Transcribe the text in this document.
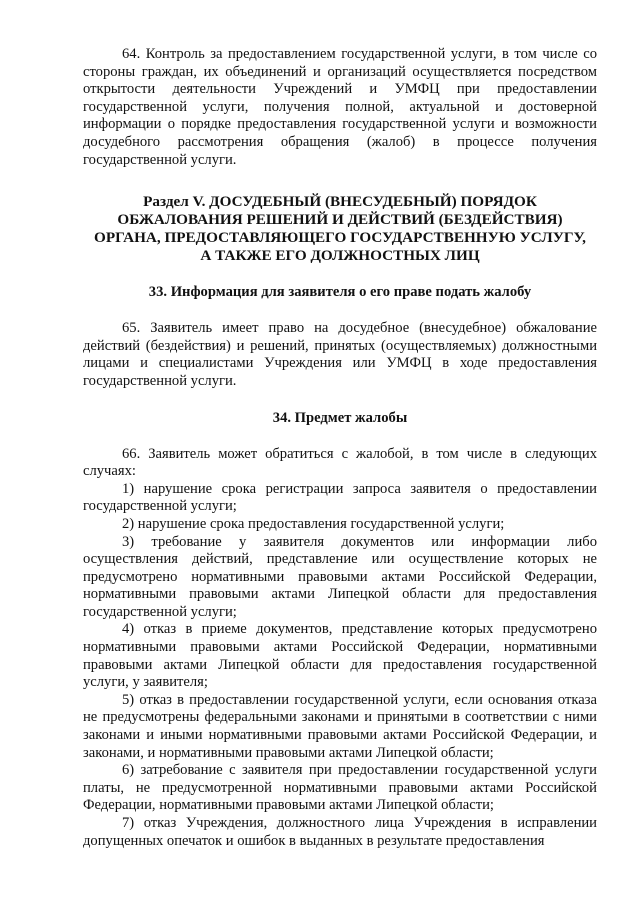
64. Контроль за предоставлением государственной услуги, в том числе со стороны граждан, их объединений и организаций осуществляется посредством открытости деятельности Учреждений и УМФЦ при предоставлении государственной услуги, получения полной, актуальной и достоверной информации о порядке предоставления государственной услуги и возможности досудебного рассмотрения обращения (жалоб) в процессе получения государственной услуги.

Раздел V. ДОСУДЕБНЫЙ (ВНЕСУДЕБНЫЙ) ПОРЯДОК
ОБЖАЛОВАНИЯ РЕШЕНИЙ И ДЕЙСТВИЙ (БЕЗДЕЙСТВИЯ)
ОРГАНА, ПРЕДОСТАВЛЯЮЩЕГО ГОСУДАРСТВЕННУЮ УСЛУГУ,
А ТАКЖЕ ЕГО ДОЛЖНОСТНЫХ ЛИЦ
33. Информация для заявителя о его праве подать жалобу

65. Заявитель имеет право на досудебное (внесудебное) обжалование действий (бездействия) и решений, принятых (осуществляемых) должностными лицами и специалистами Учреждения или УМФЦ в ходе предоставления государственной услуги.

34. Предмет жалобы

66. Заявитель может обратиться с жалобой, в том числе в следующих случаях:

1) нарушение срока регистрации запроса заявителя о предоставлении государственной услуги;

2) нарушение срока предоставления государственной услуги;

3) требование у заявителя документов или информации либо осуществления действий, представление или осуществление которых не предусмотрено нормативными правовыми актами Российской Федерации, нормативными правовыми актами Липецкой области для предоставления государственной услуги;

4) отказ в приеме документов, представление которых предусмотрено нормативными правовыми актами Российской Федерации, нормативными правовыми актами Липецкой области для предоставления государственной услуги, у заявителя;

5) отказ в предоставлении государственной услуги, если основания отказа не предусмотрены федеральными законами и принятыми в соответствии с ними законами и иными нормативными правовыми актами Российской Федерации, и законами, и нормативными правовыми актами Липецкой области;

6) затребование с заявителя при предоставлении государственной услуги платы, не предусмотренной нормативными правовыми актами Российской Федерации, нормативными правовыми актами Липецкой области;

7) отказ Учреждения, должностного лица Учреждения в исправлении допущенных опечаток и ошибок в выданных в результате предоставления
